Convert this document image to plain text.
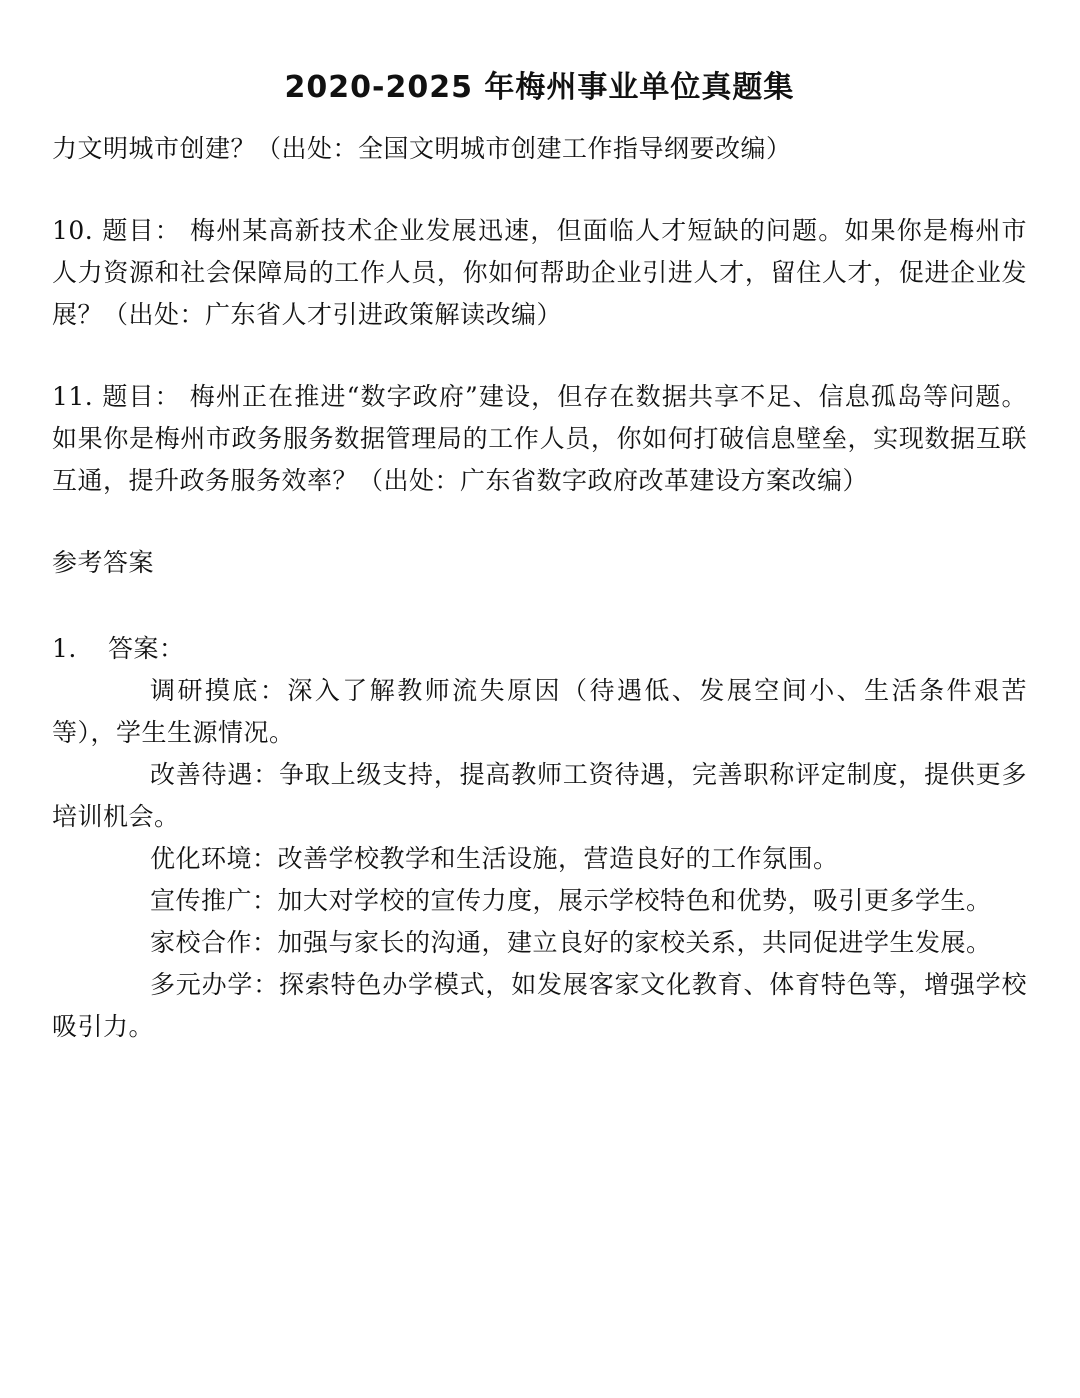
2020-2025 年梅州事业单位真题集

力文明城市创建？（出处：全国文明城市创建工作指导纲要改编）

10. 题目： 梅州某高新技术企业发展迅速，但面临人才短缺的问题。如果你是梅州市人力资源和社会保障局的工作人员，你如何帮助企业引进人才，留住人才，促进企业发展？（出处：广东省人才引进政策解读改编）

11. 题目： 梅州正在推进“数字政府”建设，但存在数据共享不足、信息孤岛等问题。如果你是梅州市政务服务数据管理局的工作人员，你如何打破信息壁垒，实现数据互联互通，提升政务服务效率？（出处：广东省数字政府改革建设方案改编）

参考答案

1. 答案：

调研摸底：深入了解教师流失原因（待遇低、发展空间小、生活条件艰苦等），学生生源情况。

改善待遇：争取上级支持，提高教师工资待遇，完善职称评定制度，提供更多培训机会。

优化环境：改善学校教学和生活设施，营造良好的工作氛围。

宣传推广：加大对学校的宣传力度，展示学校特色和优势，吸引更多学生。

家校合作：加强与家长的沟通，建立良好的家校关系，共同促进学生发展。

多元办学：探索特色办学模式，如发展客家文化教育、体育特色等，增强学校吸引力。
